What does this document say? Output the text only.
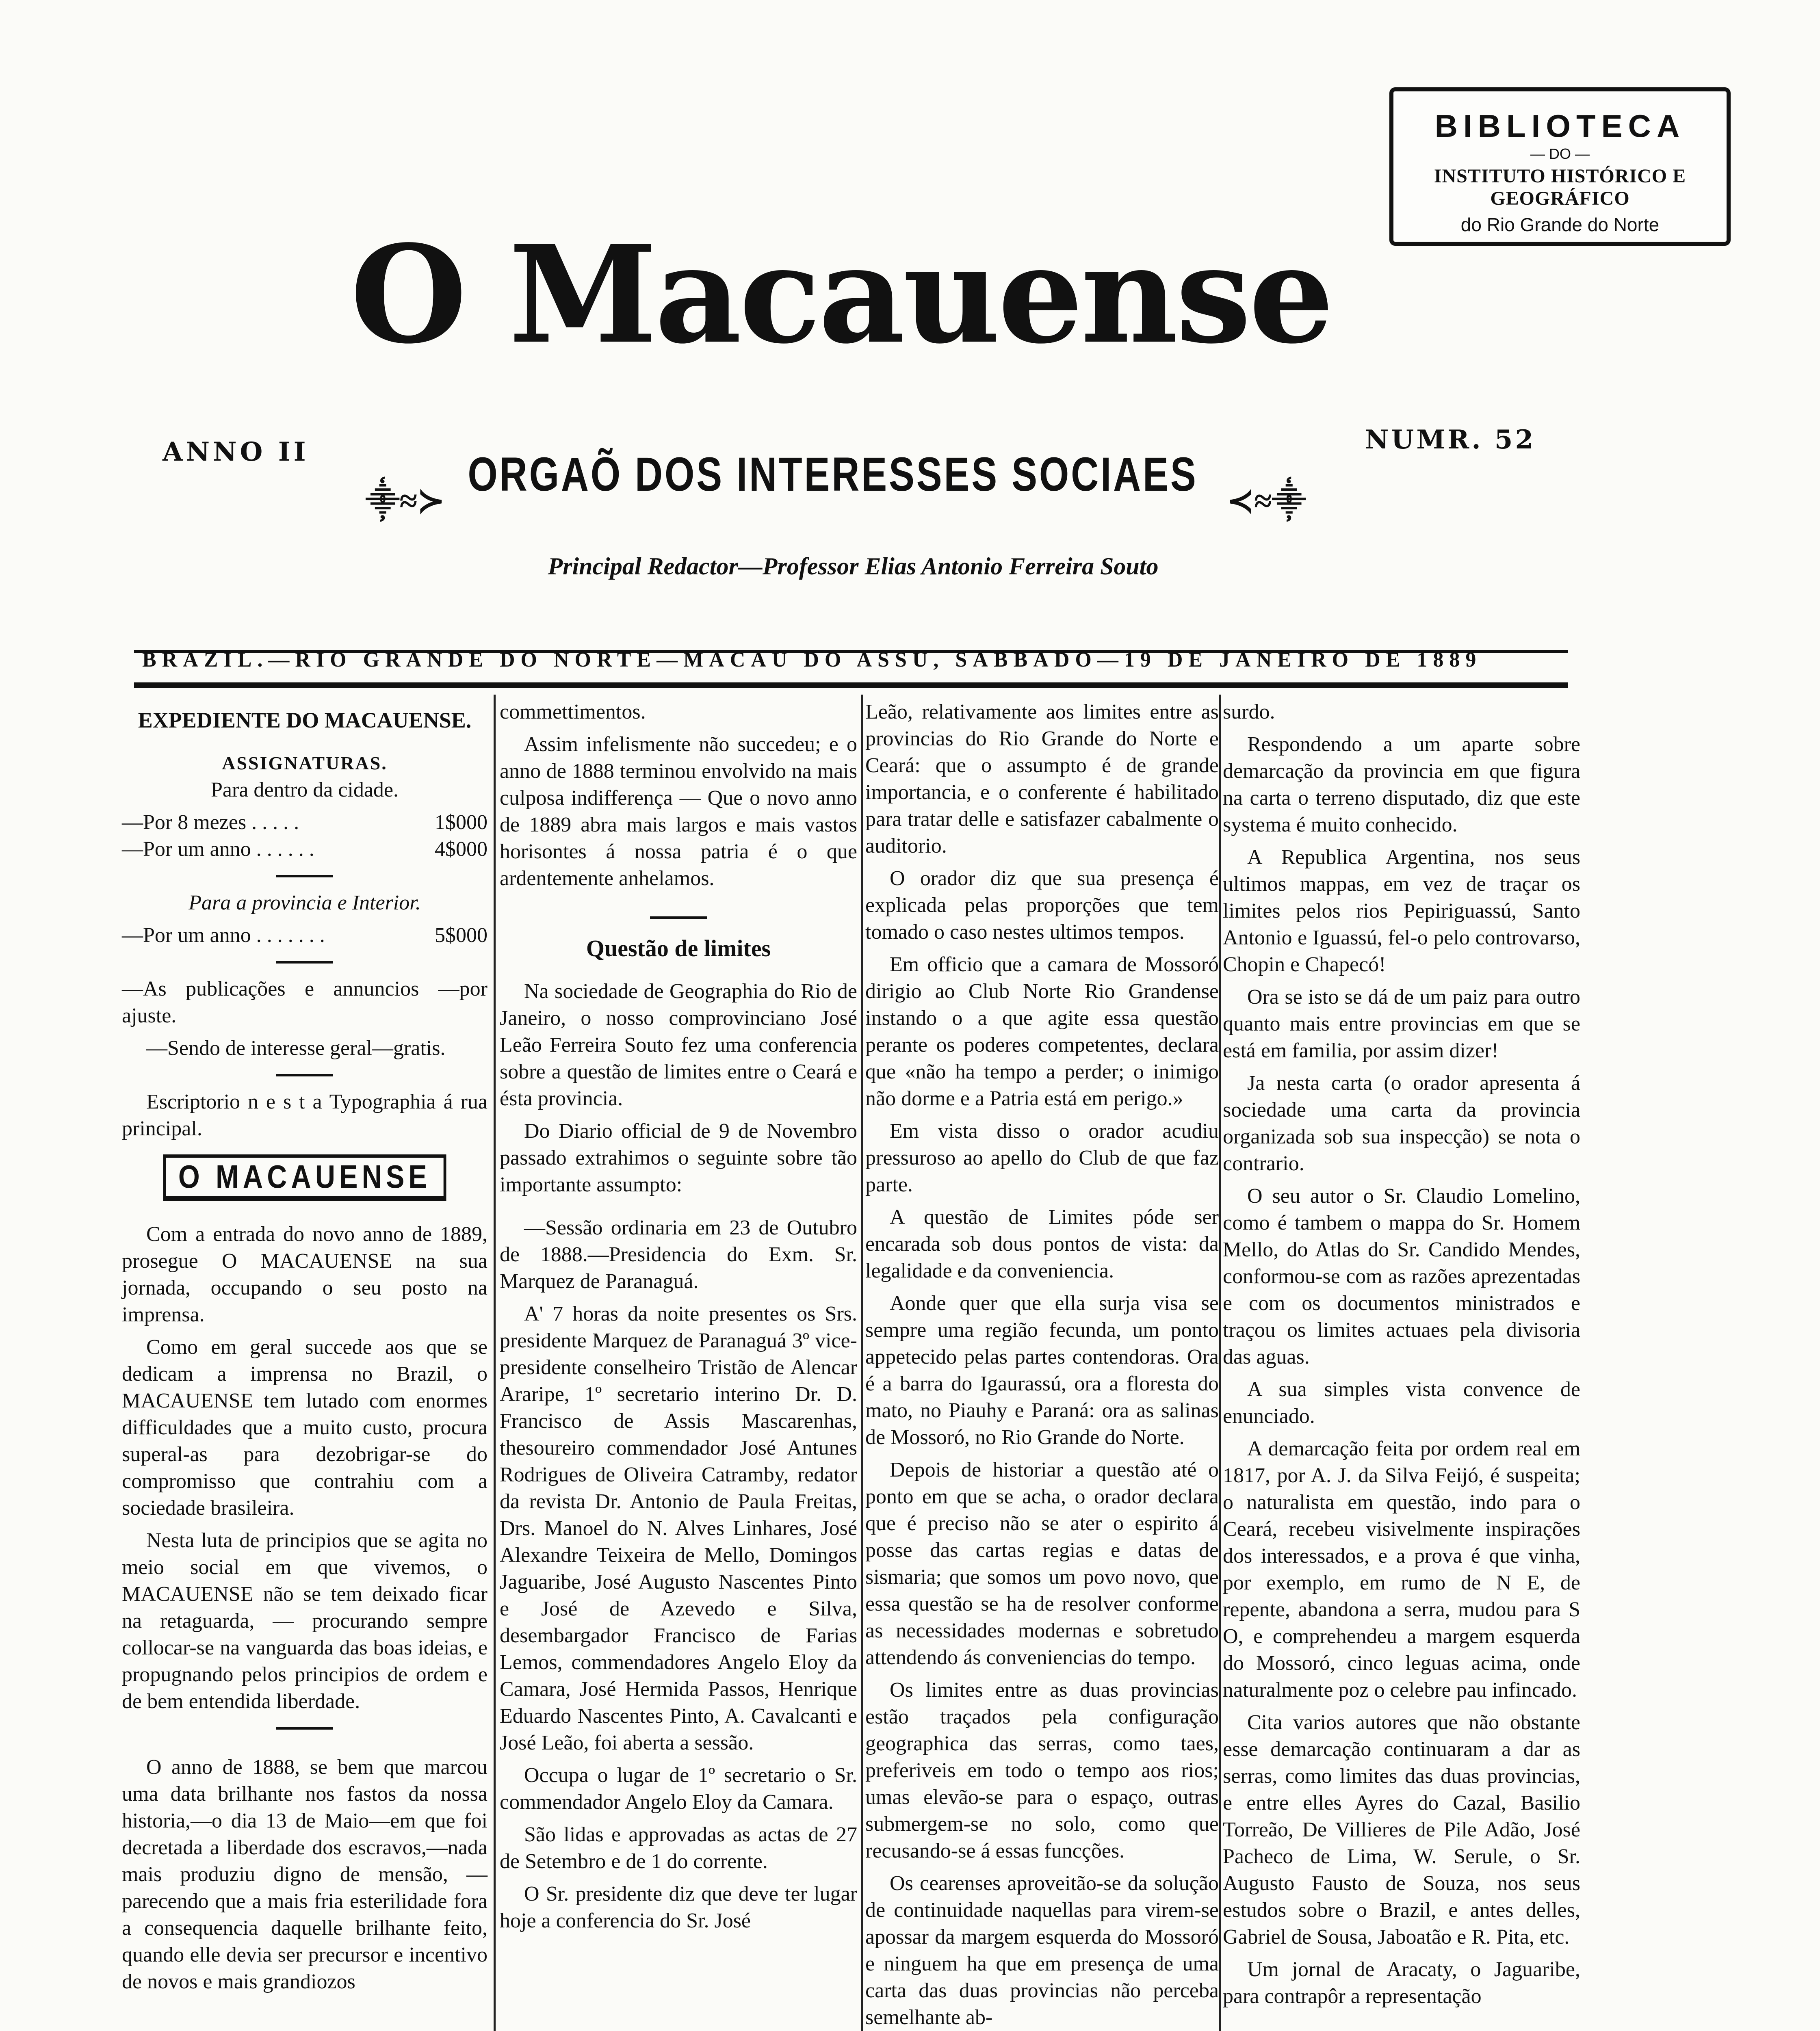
BIBLIOTECA
— DO —
INSTITUTO HISTÓRICO E GEOGRÁFICO
do Rio Grande do Norte
O Macauense
ANNO II	NUMR. 52
⸎≈≻ ORGAÕ DOS INTERESSES SOCIAES ≺≈⸎
Principal Redactor—Professor Elias Antonio Ferreira Souto
BRAZIL.—RIO GRANDE DO NORTE—MACAU DO ASSU, SABBADO—19 DE JANEIRO DE 1889

EXPEDIENTE DO MACAUENSE.

ASSIGNATURAS.

Para dentro da cidade.

—Por 8 mezes . . . . .	1$000
—Por um anno . . . . . .	4$000

Para a provincia e Interior.

—Por um anno . . . . . . .	5$000

—As publicações e annuncios —por ajuste.

—Sendo de interesse geral—gratis.

Escriptorio n e s t a Typographia á rua principal.

O MACAUENSE

Com a entrada do novo anno de 1889, prosegue O MACAUENSE na sua jornada, occupando o seu posto na imprensa.

Como em geral succede aos que se dedicam a imprensa no Brazil, o MACAUENSE tem lutado com enormes difficuldades que a muito custo, procura superal-as para dezobrigar-se do compromisso que contrahiu com a sociedade brasileira.

Nesta luta de principios que se agita no meio social em que vivemos, o MACAUENSE não se tem deixado ficar na retaguarda, — procurando sempre collocar-se na vanguarda das boas ideias, e propugnando pelos principios de ordem e de bem entendida liberdade.

O anno de 1888, se bem que marcou uma data brilhante nos fastos da nossa historia,—o dia 13 de Maio—em que foi decretada a liberdade dos escravos,—nada mais produziu digno de mensão, — parecendo que a mais fria esterilidade fora a consequencia daquelle brilhante feito, quando elle devia ser precursor e incentivo de novos e mais grandiozos

commettimentos.

Assim infelismente não succedeu; e o anno de 1888 terminou envolvido na mais culposa indifferença — Que o novo anno de 1889 abra mais largos e mais vastos horisontes á nossa patria é o que ardentemente anhelamos.

Questão de limites

Na sociedade de Geographia do Rio de Janeiro, o nosso comprovinciano José Leão Ferreira Souto fez uma conferencia sobre a questão de limites entre o Ceará e ésta provincia.

Do Diario official de 9 de Novembro passado extrahimos o seguinte sobre tão importante assumpto:

—Sessão ordinaria em 23 de Outubro de 1888.—Presidencia do Exm. Sr. Marquez de Paranaguá.

A' 7 horas da noite presentes os Srs. presidente Marquez de Paranaguá 3º vice-presidente conselheiro Tristão de Alencar Araripe, 1º secretario interino Dr. D. Francisco de Assis Mascarenhas, thesoureiro commendador José Antunes Rodrigues de Oliveira Catramby, redator da revista Dr. Antonio de Paula Freitas, Drs. Manoel do N. Alves Linhares, José Alexandre Teixeira de Mello, Domingos Jaguaribe, José Augusto Nascentes Pinto e José de Azevedo e Silva, desembargador Francisco de Farias Lemos, commendadores Angelo Eloy da Camara, José Hermida Passos, Henrique Eduardo Nascentes Pinto, A. Cavalcanti e José Leão, foi aberta a sessão.

Occupa o lugar de 1º secretario o Sr. commendador Angelo Eloy da Camara.

São lidas e approvadas as actas de 27 de Setembro e de 1 do corrente.

O Sr. presidente diz que deve ter lugar hoje a conferencia do Sr. José

Leão, relativamente aos limites entre as provincias do Rio Grande do Norte e Ceará: que o assumpto é de grande importancia, e o conferente é habilitado para tratar delle e satisfazer cabalmente o auditorio.

O orador diz que sua presença é explicada pelas proporções que tem tomado o caso nestes ultimos tempos.

Em officio que a camara de Mossoró dirigio ao Club Norte Rio Grandense instando o a que agite essa questão perante os poderes competentes, declara que «não ha tempo a perder; o inimigo não dorme e a Patria está em perigo.»

Em vista disso o orador acudiu pressuroso ao apello do Club de que faz parte.

A questão de Limites póde ser encarada sob dous pontos de vista: da legalidade e da conveniencia.

Aonde quer que ella surja visa se sempre uma região fecunda, um ponto appetecido pelas partes contendoras. Ora é a barra do Igaurassú, ora a floresta do mato, no Piauhy e Paraná: ora as salinas de Mossoró, no Rio Grande do Norte.

Depois de historiar a questão até o ponto em que se acha, o orador declara que é preciso não se ater o espirito á posse das cartas regias e datas de sismaria; que somos um povo novo, que essa questão se ha de resolver conforme as necessidades modernas e sobretudo attendendo ás conveniencias do tempo.

Os limites entre as duas provincias estão traçados pela configuração geographica das serras, como taes, preferiveis em todo o tempo aos rios; umas elevão-se para o espaço, outras submergem-se no solo, como que recusando-se á essas funcções.

Os cearenses aproveitão-se da solução de continuidade naquellas para virem-se apossar da margem esquerda do Mossoró e ninguem ha que em presença de uma carta das duas provincias não perceba semelhante ab-

surdo.

Respondendo a um aparte sobre demarcação da provincia em que figura na carta o terreno disputado, diz que este systema é muito conhecido.

A Republica Argentina, nos seus ultimos mappas, em vez de traçar os limites pelos rios Pepiriguassú, Santo Antonio e Iguassú, fel-o pelo controvarso, Chopin e Chapecó!

Ora se isto se dá de um paiz para outro quanto mais entre provincias em que se está em familia, por assim dizer!

Ja nesta carta (o orador apresenta á sociedade uma carta da provincia organizada sob sua inspecção) se nota o contrario.

O seu autor o Sr. Claudio Lomelino, como é tambem o mappa do Sr. Homem Mello, do Atlas do Sr. Candido Mendes, conformou-se com as razões aprezentadas e com os documentos ministrados e traçou os limites actuaes pela divisoria das aguas.

A sua simples vista convence de enunciado.

A demarcação feita por ordem real em 1817, por A. J. da Silva Feijó, é suspeita; o naturalista em questão, indo para o Ceará, recebeu visivelmente inspirações dos interessados, e a prova é que vinha, por exemplo, em rumo de N E, de repente, abandona a serra, mudou para S O, e comprehendeu a margem esquerda do Mossoró, cinco leguas acima, onde naturalmente poz o celebre pau infincado.

Cita varios autores que não obstante esse demarcação continuaram a dar as serras, como limites das duas provincias, e entre elles Ayres do Cazal, Basilio Torreão, De Villieres de Pile Adão, José Pacheco de Lima, W. Serule, o Sr. Augusto Fausto de Souza, nos seus estudos sobre o Brazil, e antes delles, Gabriel de Sousa, Jaboatão e R. Pita, etc.

Um jornal de Aracaty, o Jaguaribe, para contrapôr a representação
